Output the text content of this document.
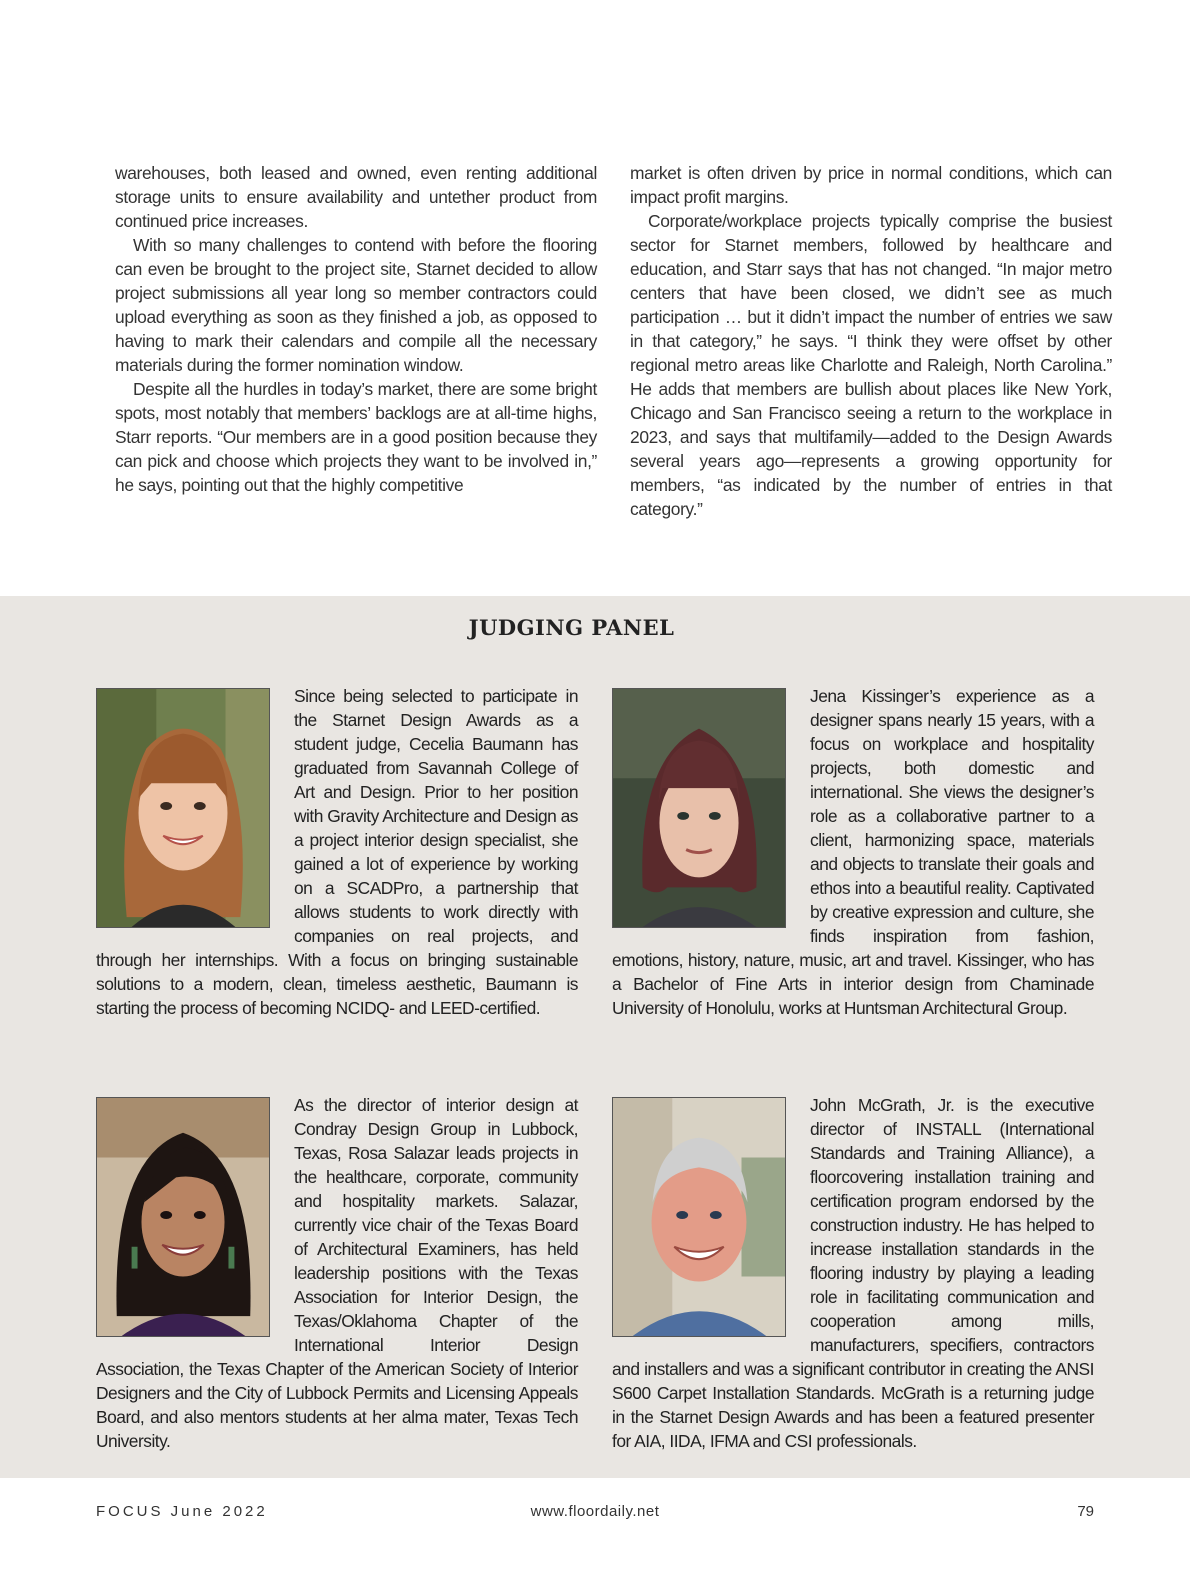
warehouses, both leased and owned, even renting additional storage units to ensure availability and untether product from continued price increases.

With so many challenges to contend with before the flooring can even be brought to the project site, Starnet decided to allow project submissions all year long so member contractors could upload everything as soon as they finished a job, as opposed to having to mark their calendars and compile all the necessary materials during the former nomination window.

Despite all the hurdles in today’s market, there are some bright spots, most notably that members’ backlogs are at all-time highs, Starr reports. “Our members are in a good position because they can pick and choose which projects they want to be involved in,” he says, pointing out that the highly competitive

market is often driven by price in normal conditions, which can impact profit margins.

Corporate/workplace projects typically comprise the busiest sector for Starnet members, followed by healthcare and education, and Starr says that has not changed. “In major metro centers that have been closed, we didn’t see as much participation … but it didn’t impact the number of entries we saw in that category,” he says. “I think they were offset by other regional metro areas like Charlotte and Raleigh, North Carolina.” He adds that members are bullish about places like New York, Chicago and San Francisco seeing a return to the workplace in 2023, and says that multifamily—added to the Design Awards several years ago—represents a growing opportunity for members, “as indicated by the number of entries in that category.”

JUDGING PANEL

Since being selected to participate in the Starnet Design Awards as a student judge, Cecelia Baumann has graduated from Savannah College of Art and Design. Prior to her position with Gravity Architecture and Design as a project interior design specialist, she gained a lot of experience by working on a SCADPro, a partnership that allows students to work directly with companies on real projects, and through her internships. With a focus on bringing sustainable solutions to a modern, clean, timeless aesthetic, Baumann is starting the process of becoming NCIDQ- and LEED-certified.

Jena Kissinger’s experience as a designer spans nearly 15 years, with a focus on workplace and hospitality projects, both domestic and international. She views the designer’s role as a collaborative partner to a client, harmonizing space, materials and objects to translate their goals and ethos into a beautiful reality. Captivated by creative expression and culture, she finds inspiration from fashion, emotions, history, nature, music, art and travel. Kissinger, who has a Bachelor of Fine Arts in interior design from Chaminade University of Honolulu, works at Huntsman Architectural Group.

As the director of interior design at Condray Design Group in Lubbock, Texas, Rosa Salazar leads projects in the healthcare, corporate, community and hospitality markets. Salazar, currently vice chair of the Texas Board of Architectural Examiners, has held leadership positions with the Texas Association for Interior Design, the Texas/Oklahoma Chapter of the International Interior Design Association, the Texas Chapter of the American Society of Interior Designers and the City of Lubbock Permits and Licensing Appeals Board, and also mentors students at her alma mater, Texas Tech University.

John McGrath, Jr. is the executive director of INSTALL (International Standards and Training Alliance), a floorcovering installation training and certification program endorsed by the construction industry. He has helped to increase installation standards in the flooring industry by playing a leading role in facilitating communication and cooperation among mills, manufacturers, specifiers, contractors and installers and was a significant contributor in creating the ANSI S600 Carpet Installation Standards. McGrath is a returning judge in the Starnet Design Awards and has been a featured presenter for AIA, IIDA, IFMA and CSI professionals.

FOCUS June 2022	www.floordaily.net	79
